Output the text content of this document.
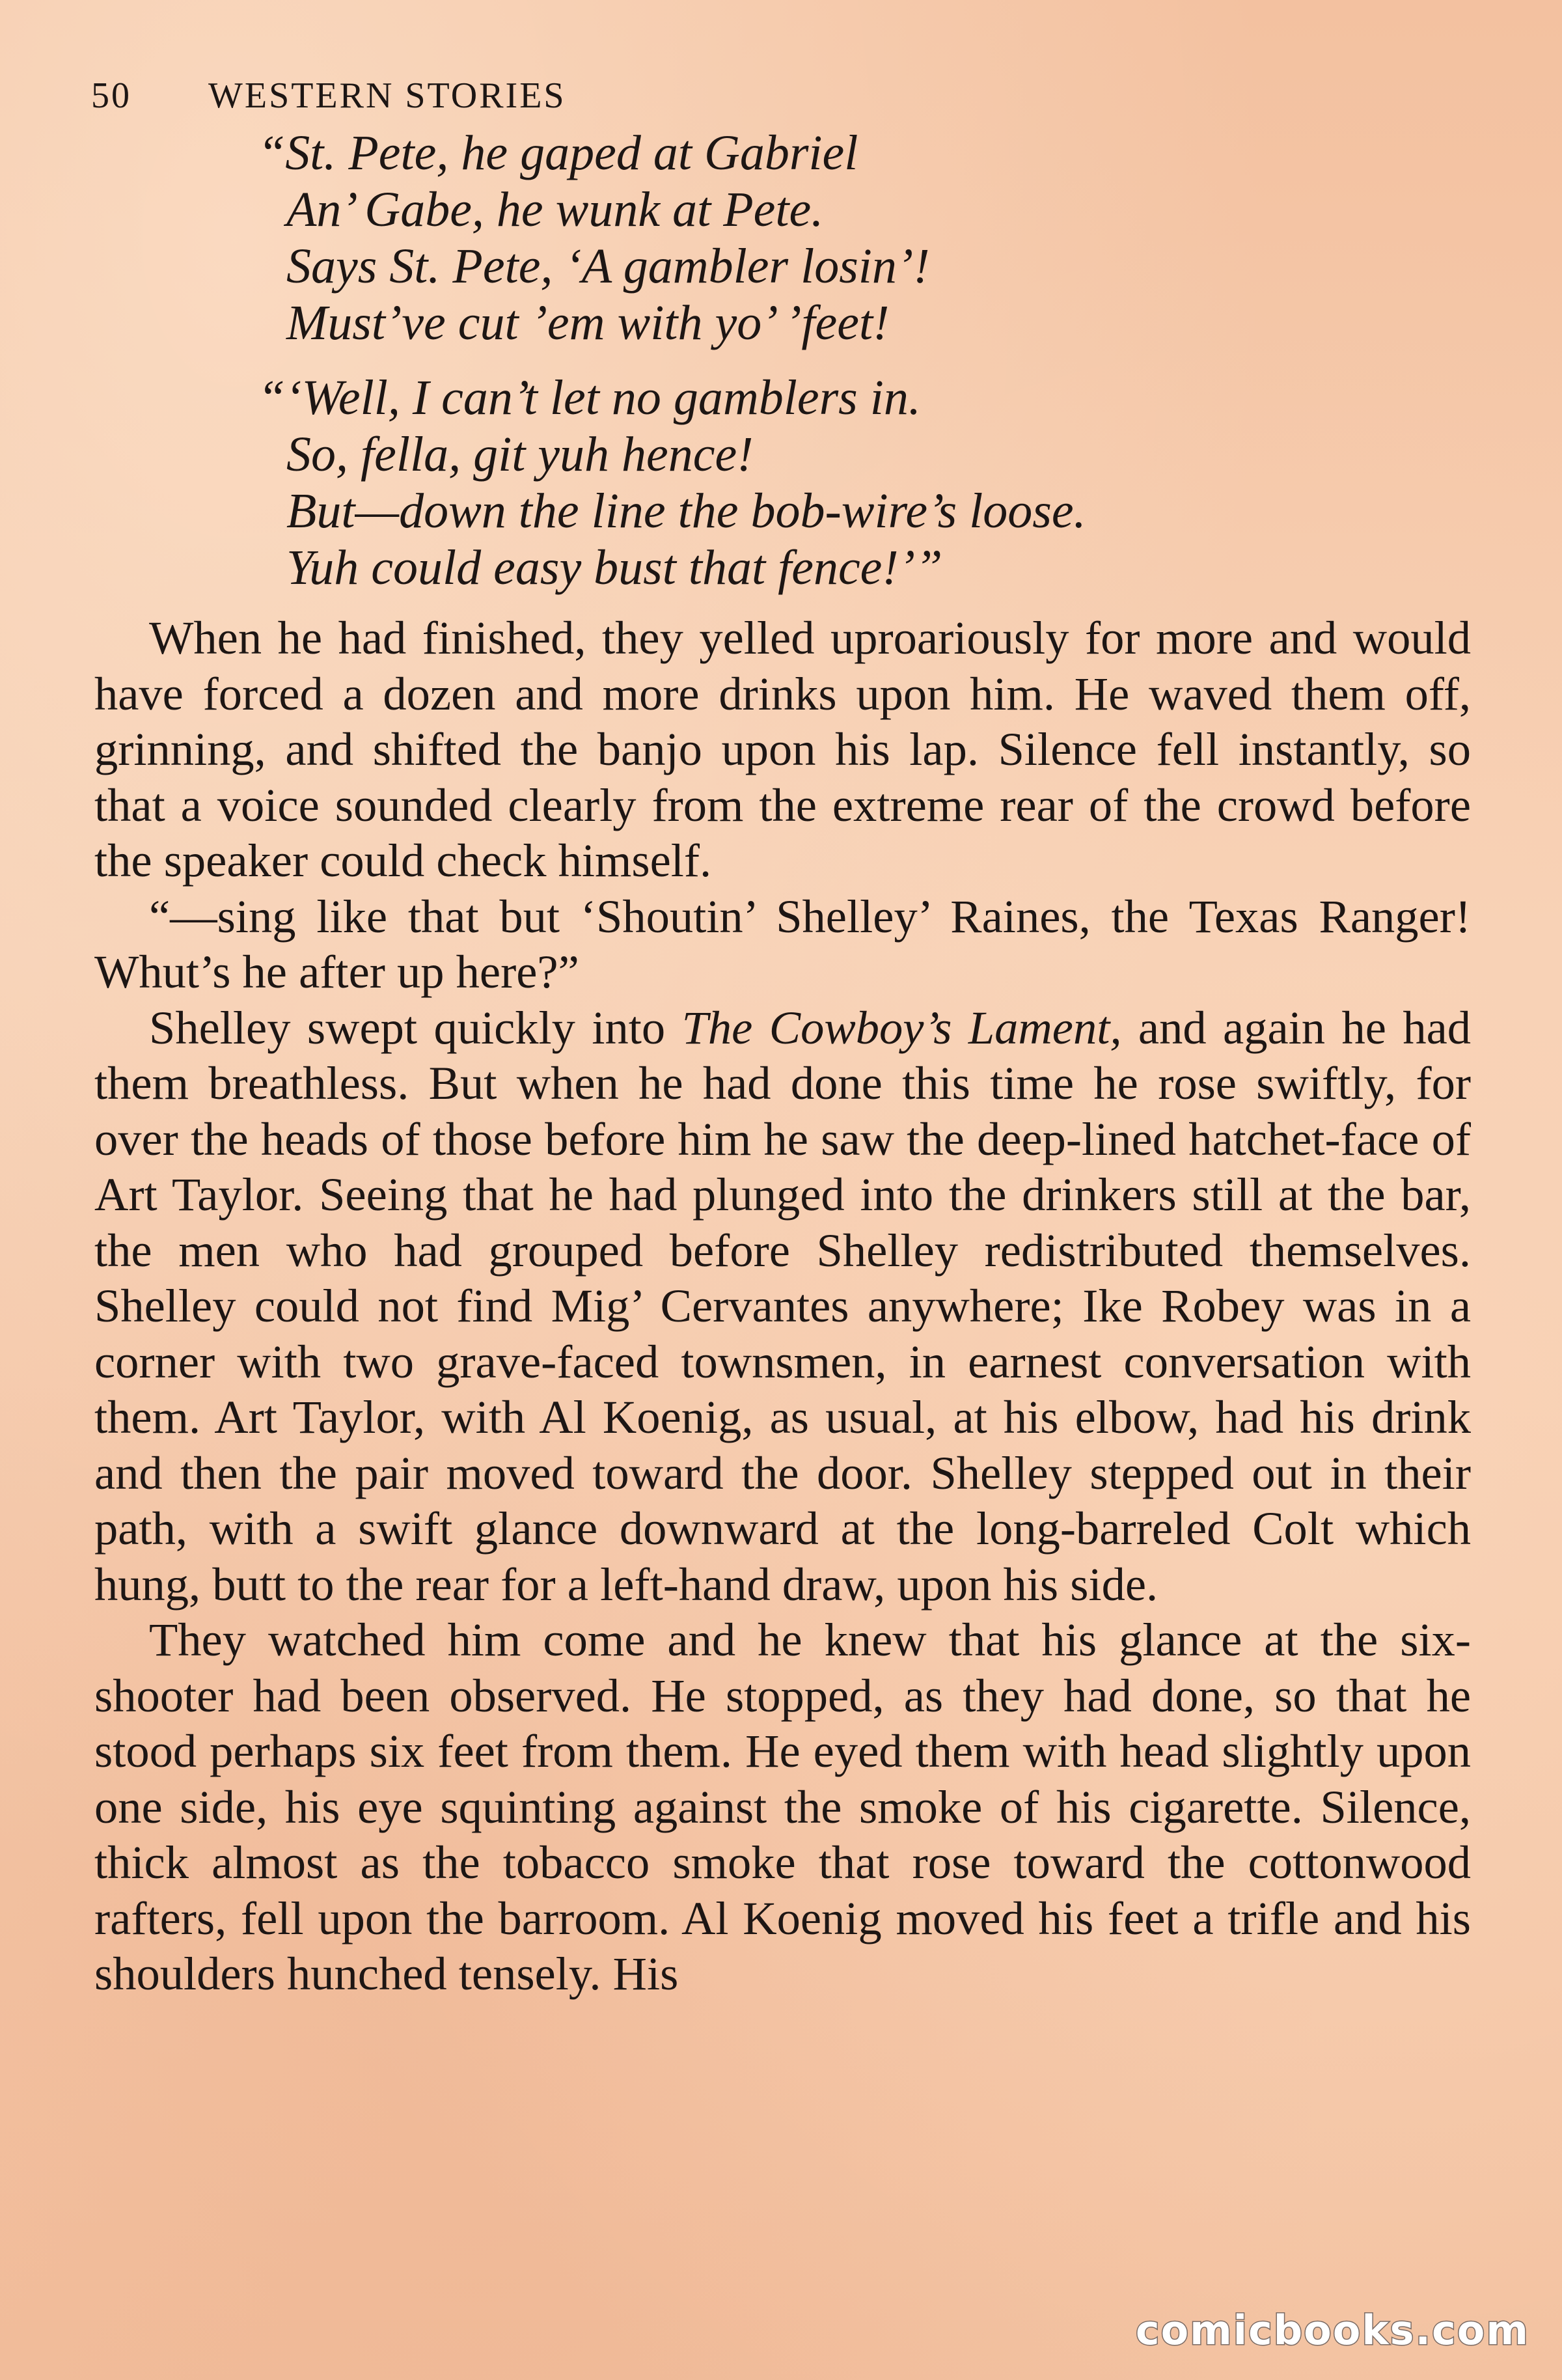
50 WESTERN STORIES
“St. Pete, he gaped at Gabriel
An’ Gabe, he wunk at Pete.
Says St. Pete, ‘A gambler losin’!
Must’ve cut ’em with yo’ ’feet!
“‘Well, I can’t let no gamblers in.
So, fella, git yuh hence!
But—down the line the bob-wire’s loose.
Yuh could easy bust that fence!’”

When he had finished, they yelled uproariously for more and would have forced a dozen and more drinks upon him. He waved them off, grinning, and shifted the banjo upon his lap. Silence fell instantly, so that a voice sounded clearly from the extreme rear of the crowd before the speaker could check himself.

“—sing like that but ‘Shoutin’ Shelley’ Raines, the Texas Ranger! Whut’s he after up here?”

Shelley swept quickly into The Cowboy’s Lament, and again he had them breathless. But when he had done this time he rose swiftly, for over the heads of those before him he saw the deep-lined hatchet-face of Art Taylor. Seeing that he had plunged into the drinkers still at the bar, the men who had grouped before Shelley redistributed themselves. Shelley could not find Mig’ Cervantes anywhere; Ike Robey was in a corner with two grave-faced townsmen, in earnest conversation with them. Art Taylor, with Al Koenig, as usual, at his elbow, had his drink and then the pair moved toward the door. Shelley stepped out in their path, with a swift glance downward at the long-barreled Colt which hung, butt to the rear for a left-hand draw, upon his side.

They watched him come and he knew that his glance at the six-shooter had been observed. He stopped, as they had done, so that he stood perhaps six feet from them. He eyed them with head slightly upon one side, his eye squinting against the smoke of his cigarette. Silence, thick almost as the tobacco smoke that rose toward the cottonwood rafters, fell upon the barroom. Al Koenig moved his feet a trifle and his shoulders hunched tensely. His

comicbooks.com
